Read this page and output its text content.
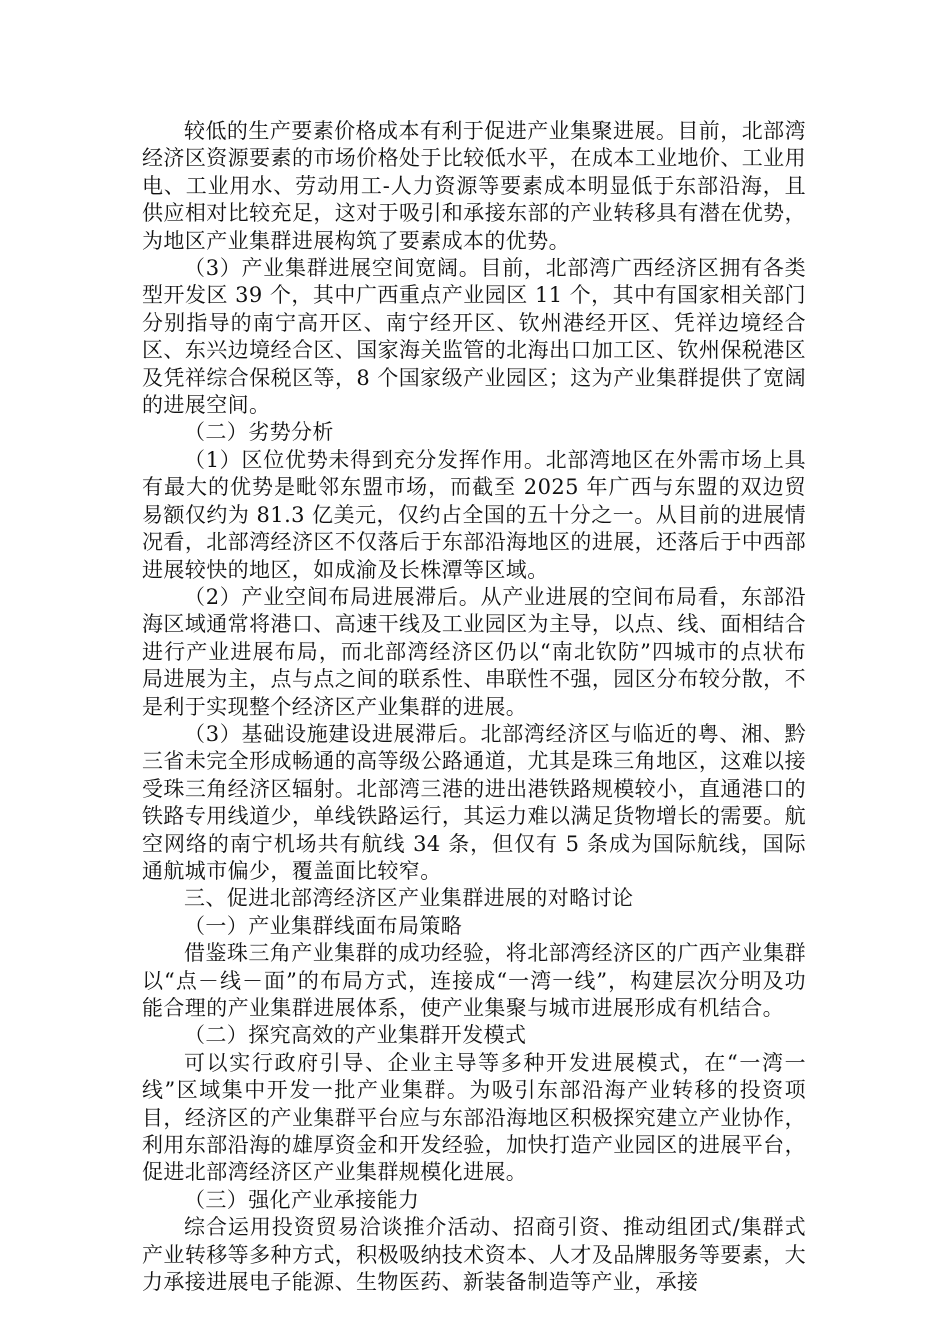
较低的生产要素价格成本有利于促进产业集聚进展。目前，北部湾经济区资源要素的市场价格处于比较低水平，在成本工业地价、工业用电、工业用水、劳动用工-人力资源等要素成本明显低于东部沿海，且供应相对比较充足，这对于吸引和承接东部的产业转移具有潜在优势，为地区产业集群进展构筑了要素成本的优势。

（3）产业集群进展空间宽阔。目前，北部湾广西经济区拥有各类型开发区 39 个，其中广西重点产业园区 11 个，其中有国家相关部门分别指导的南宁高开区、南宁经开区、钦州港经开区、凭祥边境经合区、东兴边境经合区、国家海关监管的北海出口加工区、钦州保税港区及凭祥综合保税区等，8 个国家级产业园区；这为产业集群提供了宽阔的进展空间。

（二）劣势分析

（1）区位优势未得到充分发挥作用。北部湾地区在外需市场上具有最大的优势是毗邻东盟市场，而截至 2025 年广西与东盟的双边贸易额仅约为 81.3 亿美元，仅约占全国的五十分之一。从目前的进展情况看，北部湾经济区不仅落后于东部沿海地区的进展，还落后于中西部进展较快的地区，如成渝及长株潭等区域。

（2）产业空间布局进展滞后。从产业进展的空间布局看，东部沿海区域通常将港口、高速干线及工业园区为主导，以点、线、面相结合进行产业进展布局，而北部湾经济区仍以“南北钦防”四城市的点状布局进展为主，点与点之间的联系性、串联性不强，园区分布较分散，不是利于实现整个经济区产业集群的进展。

（3）基础设施建设进展滞后。北部湾经济区与临近的粤、湘、黔三省未完全形成畅通的高等级公路通道，尤其是珠三角地区，这难以接受珠三角经济区辐射。北部湾三港的进出港铁路规模较小，直通港口的铁路专用线道少，单线铁路运行，其运力难以满足货物增长的需要。航空网络的南宁机场共有航线 34 条，但仅有 5 条成为国际航线，国际通航城市偏少，覆盖面比较窄。

三、促进北部湾经济区产业集群进展的对略讨论

（一）产业集群线面布局策略

借鉴珠三角产业集群的成功经验，将北部湾经济区的广西产业集群以“点－线－面”的布局方式，连接成“一湾一线”，构建层次分明及功能合理的产业集群进展体系，使产业集聚与城市进展形成有机结合。

（二）探究高效的产业集群开发模式

可以实行政府引导、企业主导等多种开发进展模式，在“一湾一线”区域集中开发一批产业集群。为吸引东部沿海产业转移的投资项目，经济区的产业集群平台应与东部沿海地区积极探究建立产业协作，利用东部沿海的雄厚资金和开发经验，加快打造产业园区的进展平台，促进北部湾经济区产业集群规模化进展。

（三）强化产业承接能力

综合运用投资贸易洽谈推介活动、招商引资、推动组团式/集群式产业转移等多种方式，积极吸纳技术资本、人才及品牌服务等要素，大力承接进展电子能源、生物医药、新装备制造等产业，承接
